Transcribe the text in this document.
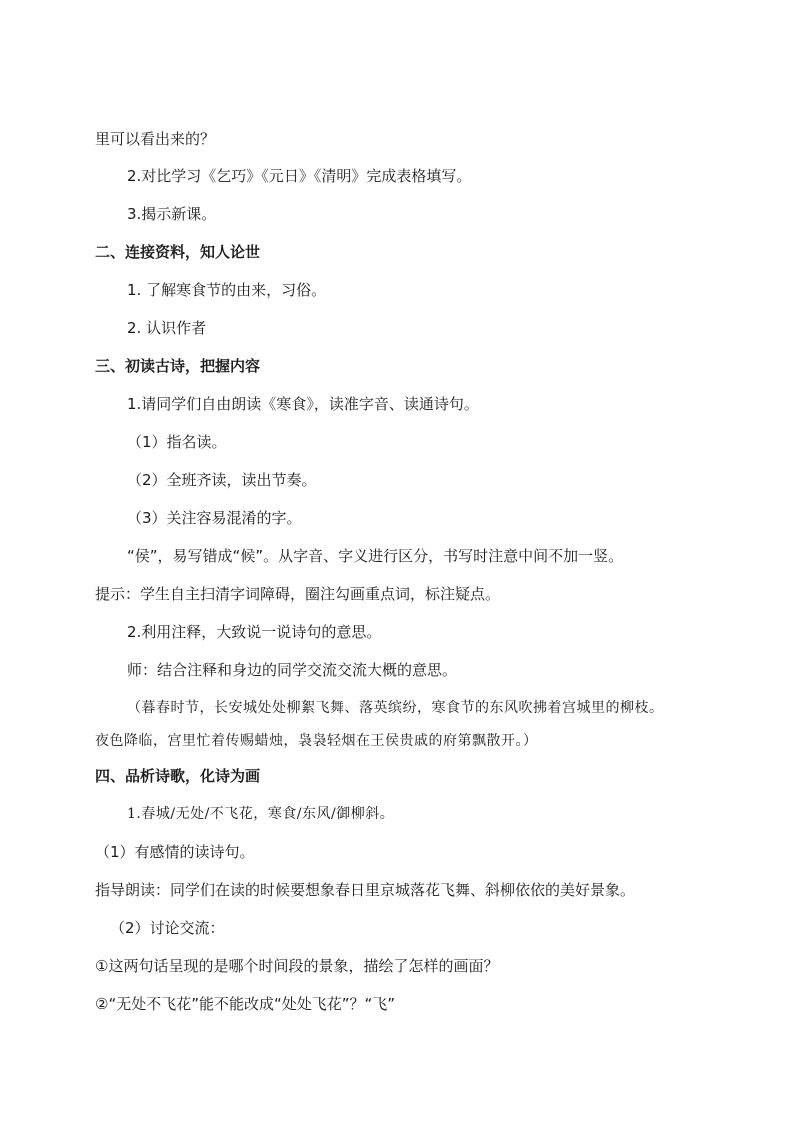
里可以看出来的？
2.对比学习《乞巧》《元日》《清明》完成表格填写。
3.揭示新课。
二、连接资料，知人论世
1. 了解寒食节的由来，习俗。
2. 认识作者
三、初读古诗，把握内容
1.请同学们自由朗读《寒食》，读准字音、读通诗句。
（1）指名读。
（2）全班齐读，读出节奏。
（3）关注容易混淆的字。
“侯”，易写错成“候”。从字音、字义进行区分，书写时注意中间不加一竖。
提示：学生自主扫清字词障碍，圈注勾画重点词，标注疑点。
2.利用注释，大致说一说诗句的意思。
师：结合注释和身边的同学交流交流大概的意思。
（暮春时节，长安城处处柳絮飞舞、落英缤纷，寒食节的东风吹拂着宫城里的柳枝。
夜色降临，宫里忙着传赐蜡烛，袅袅轻烟在王侯贵戚的府第飘散开。）
四、品析诗歌，化诗为画
1.春城/无处/不飞花，寒食/东风/御柳斜。
（1）有感情的读诗句。
指导朗读：同学们在读的时候要想象春日里京城落花飞舞、斜柳依依的美好景象。
（2）讨论交流：
①这两句话呈现的是哪个时间段的景象，描绘了怎样的画面？
②“无处不飞花”能不能改成“处处飞花”？“飞”
